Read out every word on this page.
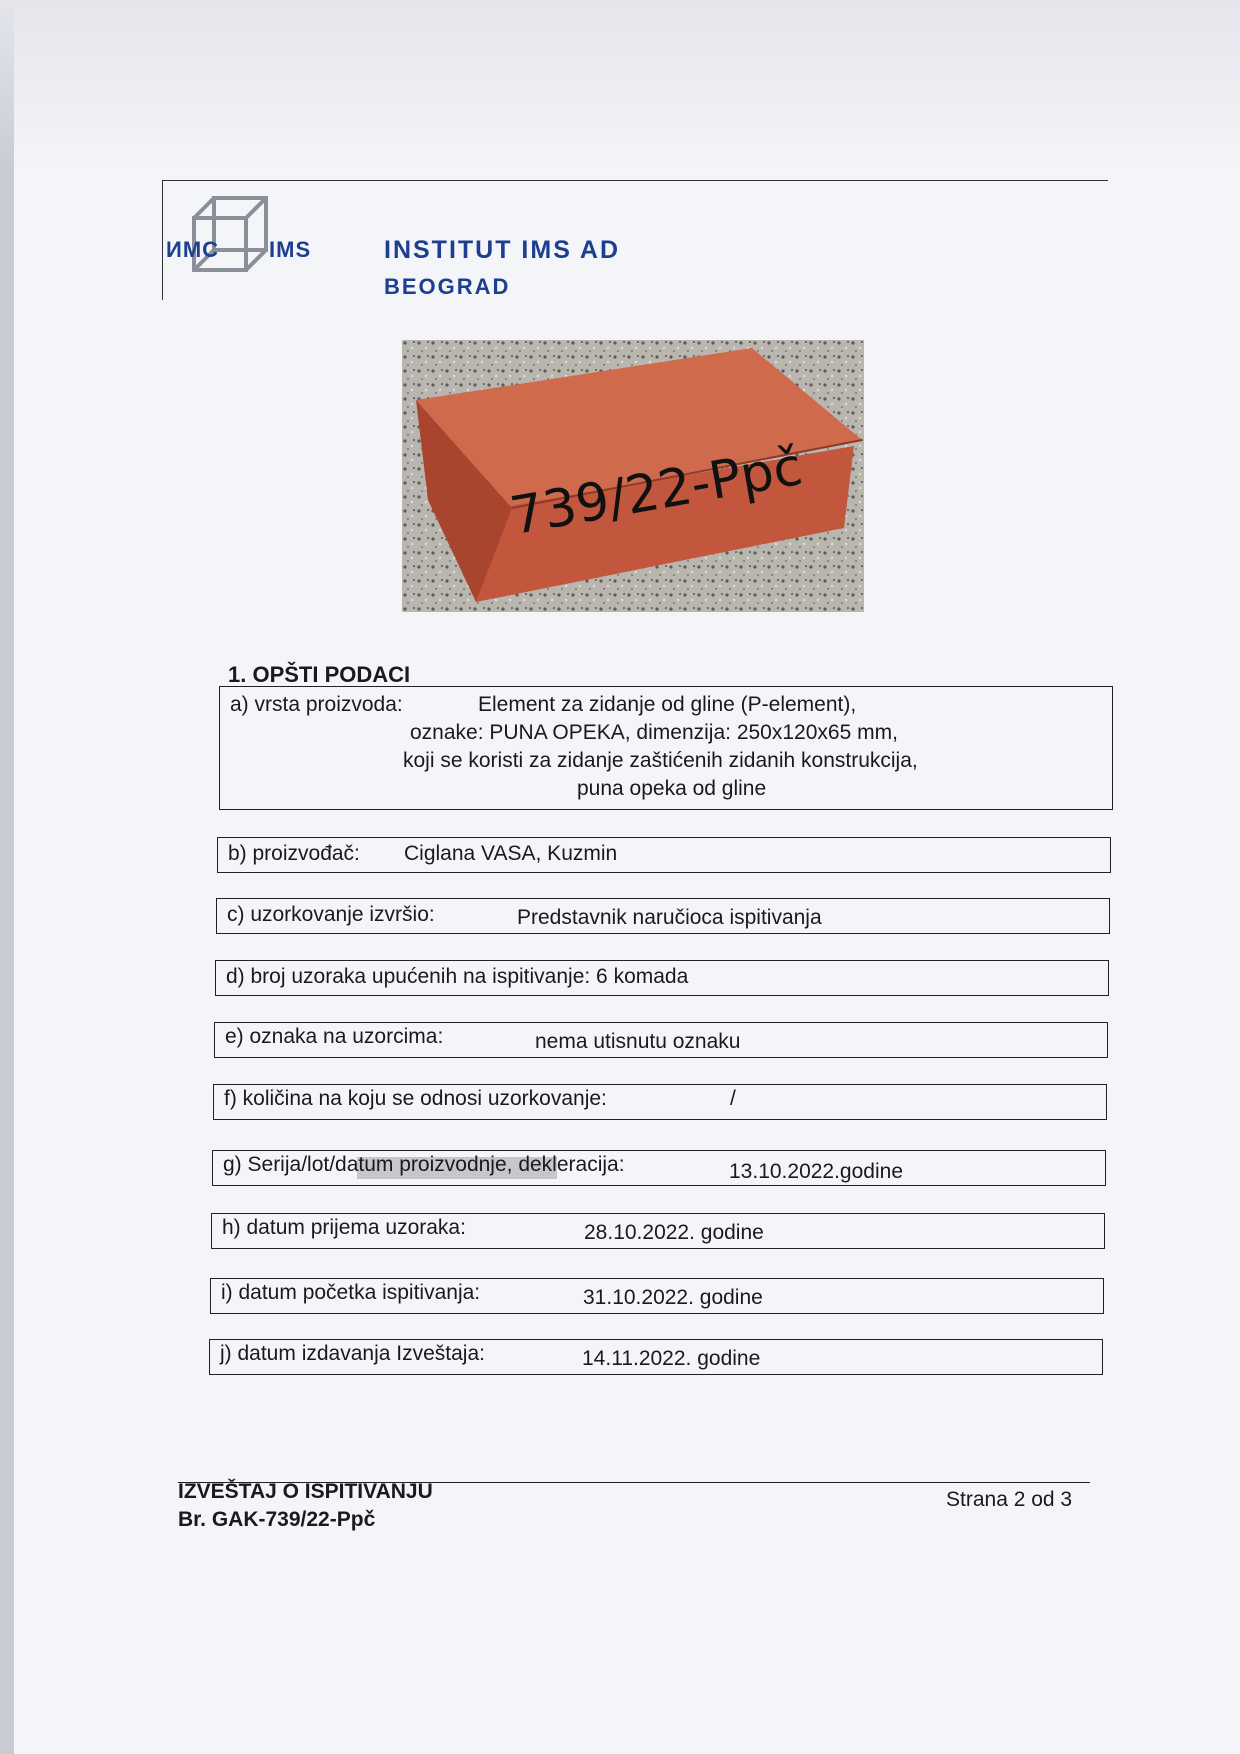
ИМС IMS	INSTITUT IMS AD
BEOGRAD
739/22-Ppč
1. OPŠTI PODACI
a) vrsta proizvoda:	Element za zidanje od gline (P-element),
oznake: PUNA OPEKA, dimenzija: 250x120x65 mm,
koji se koristi za zidanje zaštićenih zidanih konstrukcija,
puna opeka od gline
b) proizvođač: Ciglana VASA, Kuzmin
c) uzorkovanje izvršio:	Predstavnik naručioca ispitivanja
d) broj uzoraka upućenih na ispitivanje: 6 komada
e) oznaka na uzorcima:	nema utisnutu oznaku
f) količina na koju se odnosi uzorkovanje:	/
g) Serija/lot/datum proizvodnje, dekleracija:	13.10.2022.godine
h) datum prijema uzoraka:	28.10.2022. godine
i) datum početka ispitivanja:	31.10.2022. godine
j) datum izdavanja Izveštaja:	14.11.2022. godine
IZVEŠTAJ O ISPITIVANJU
Br. GAK-739/22-Ppč
Strana 2 od 3
